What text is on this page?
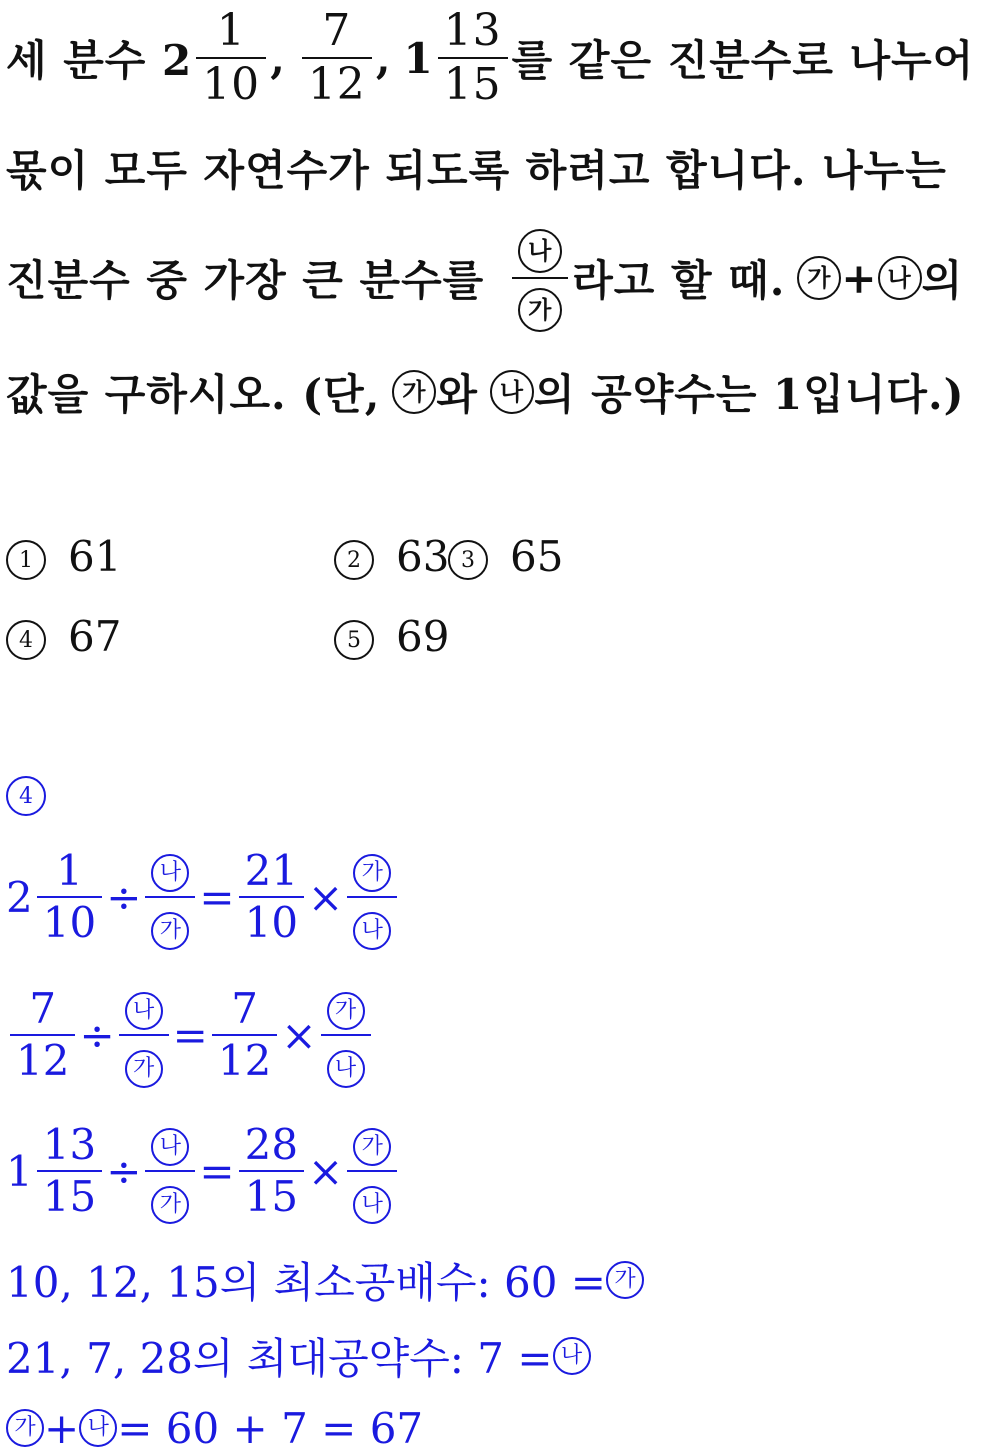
세 분수 $2 \frac{1}{10}$ , $\frac{7}{12}$ , $1 \frac{13}{15}$ 를 같은 진분수로 나누어
몫이 모두 자연수가 되도록 하려고 합니다. 나누는
진분수 중 가장 큰 분수를 $\frac{\text{나}}{\text{가}}$ 라고 할 때. 가 + 나 의
값을 구하시오. (단, 가 와 나 의 공약수는 1입니다.)
1 61	2 63 3 65
4 67	5 69
4
$2 \frac{1}{10} \div \frac{\text{나}}{\text{가}} = \frac{21}{10} \times \frac{\text{가}}{\text{나}}$
$\frac{7}{12} \div \frac{\text{나}}{\text{가}} = \frac{7}{12} \times \frac{\text{가}}{\text{나}}$
$1 \frac{13}{15} \div \frac{\text{나}}{\text{가}} = \frac{28}{15} \times \frac{\text{가}}{\text{나}}$
10, 12, 15의 최소공배수: 60 = 가
21, 7, 28의 최대공약수: 7 = 나
가 + 나 = 60 + 7 = 67
